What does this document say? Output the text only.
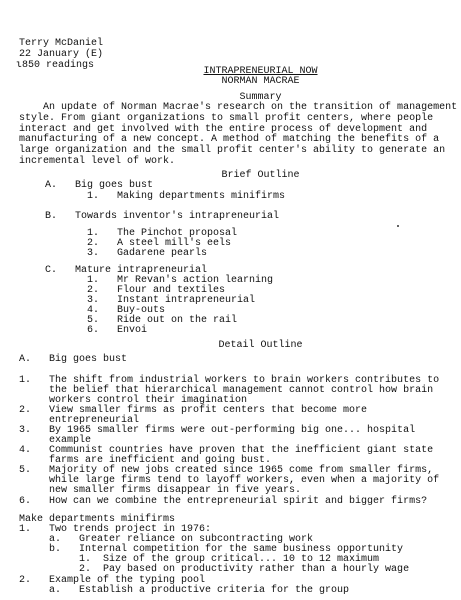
Terry McDaniel
22 January (E)
ι850 readings
INTRAPRENEURIAL NOW
NORMAN MACRAE
Summary
An update of Norman Macrae's research on the transition of management
style. From giant organizations to small profit centers, where people
interact and get involved with the entire process of development and
manufacturing of a new concept. A method of matching the benefits of a
large organization and the small profit center's ability to generate an
incremental level of work.
Brief Outline
A.   Big goes bust
1.   Making departments minifirms
B.   Towards inventor's intrapreneurial
1.   The Pinchot proposal
2.   A steel mill's eels
3.   Gadarene pearls
C.   Mature intrapreneurial
1.   Mr Revan's action learning
2.   Flour and textiles
3.   Instant intrapreneurial
4.   Buy-outs
5.   Ride out on the rail
6.   Envoi
Detail Outline
A.   Big goes bust
1.   The shift from industrial workers to brain workers contributes to
the belief that hierarchical management cannot control how brain
workers control their imagination
2.   View smaller firms as profit centers that become more
entrepreneurial
3.   By 1965 smaller firms were out-performing big one... hospital
example
4.   Communist countries have proven that the inefficient giant state
farms are inefficient and going bust.
5.   Majority of new jobs created since 1965 come from smaller firms,
while large firms tend to layoff workers, even when a majority of
new smaller firms disappear in five years.
6.   How can we combine the entrepreneurial spirit and bigger firms?
Make departments minifirms
1.   Two trends project in 1976:
a.   Greater reliance on subcontracting work
b.   Internal competition for the same business opportunity
1.  Size of the group critical... 10 to 12 maximum
2.  Pay based on productivity rather than a hourly wage
2.   Example of the typing pool
a.   Establish a productive criteria for the group
